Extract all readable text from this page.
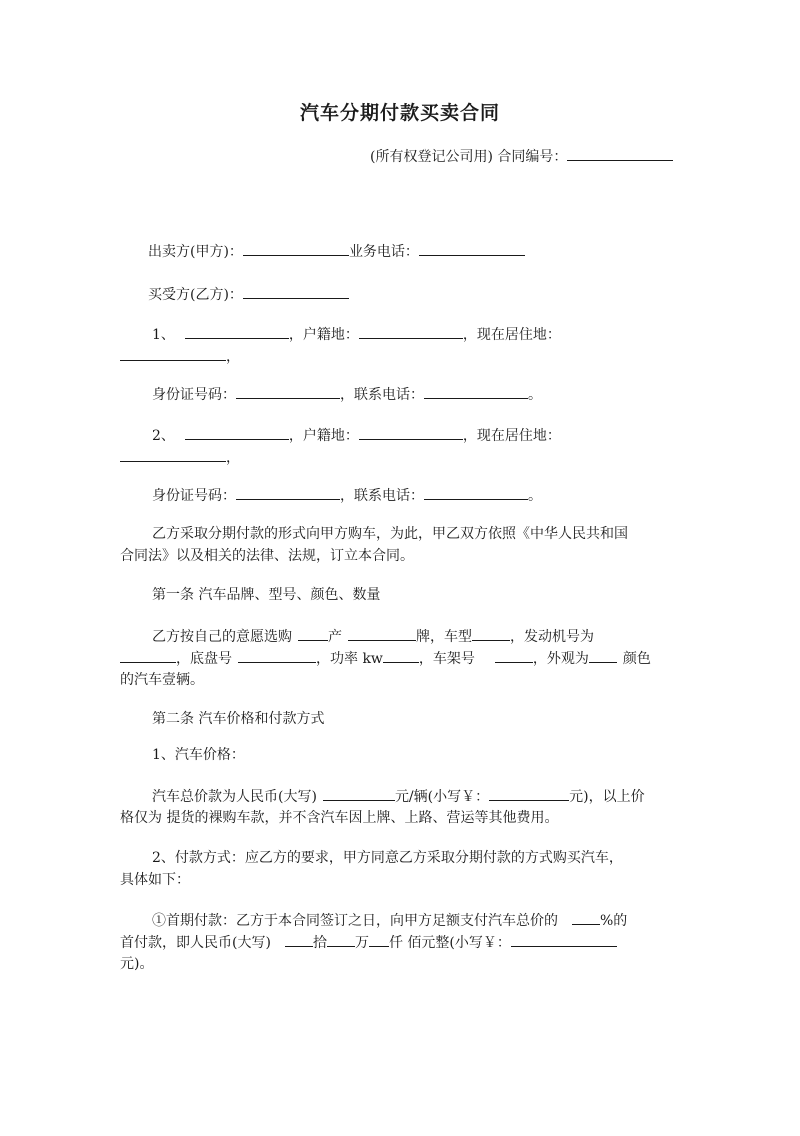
汽车分期付款买卖合同
(所有权登记公司用) 合同编号：
出卖方(甲方)：	业务电话：
买受方(乙方)：
1、	，户籍地：	，现在居住地：
，
身份证号码：	，联系电话：	。
2、	，户籍地：	，现在居住地：
，
身份证号码：	，联系电话：	。
乙方采取分期付款的形式向甲方购车，为此，甲乙双方依照《中华人民共和国
合同法》以及相关的法律、法规，订立本合同。
第一条 汽车品牌、型号、颜色、数量
乙方按自己的意愿选购	产	牌，车型	，发动机号为
，底盘号	，功率 kw	，车架号	，外观为 颜色
的汽车壹辆。
第二条 汽车价格和付款方式
1、汽车价格：
汽车总价款为人民币(大写)	元/辆(小写￥：	元)，以上价
格仅为 提货的裸购车款，并不含汽车因上牌、上路、营运等其他费用。
2、付款方式：应乙方的要求，甲方同意乙方采取分期付款的方式购买汽车，
具体如下：
①首期付款：乙方于本合同签订之日，向甲方足额支付汽车总价的	%的
首付款，即人民币(大写)	拾 万 仟 佰元整(小写￥：
元)。
